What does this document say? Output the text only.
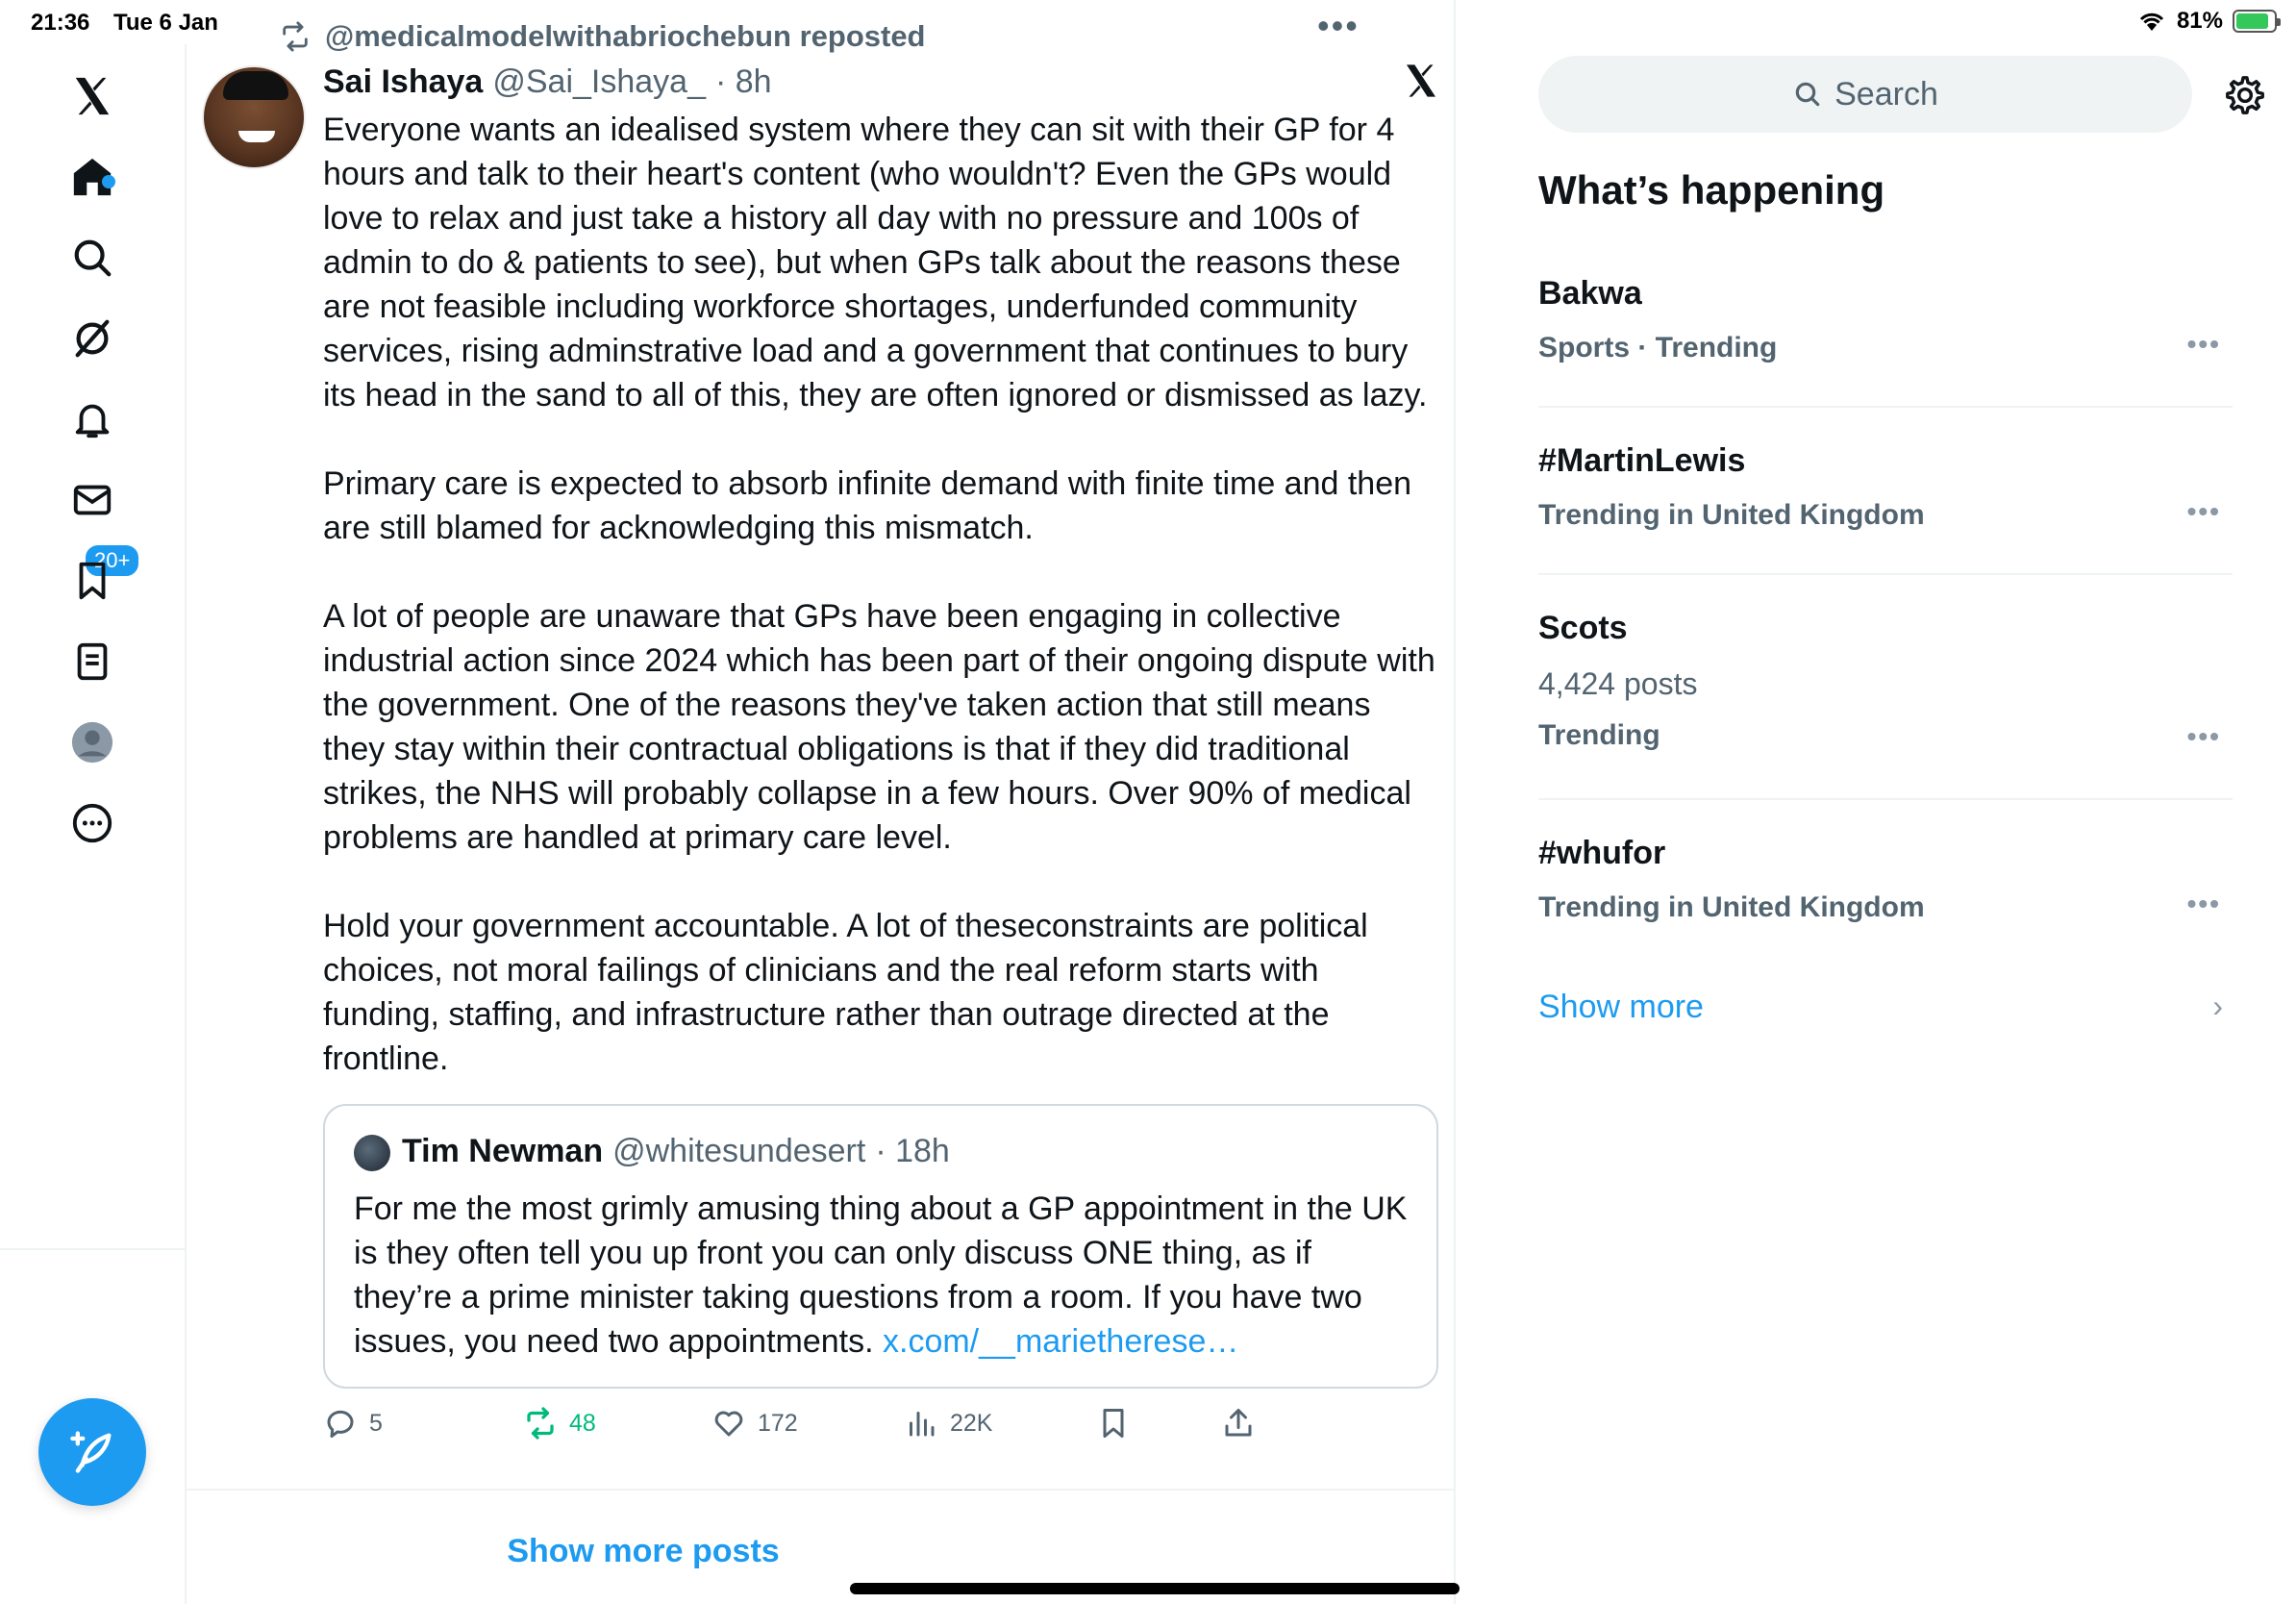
21:36 Tue 6 Jan	81%
20+
•••
@medicalmodelwithabriochebun reposted
Sai Ishaya @Sai_Ishaya_ · 8h
Everyone wants an idealised system where they can sit with their GP for 4 hours and talk to their heart's content (who wouldn't? Even the GPs would love to relax and just take a history all day with no pressure and 100s of admin to do & patients to see), but when GPs talk about the reasons these are not feasible including workforce shortages, underfunded community services, rising adminstrative load and a government that continues to bury its head in the sand to all of this, they are often ignored or dismissed as lazy.

Primary care is expected to absorb infinite demand with finite time and then are still blamed for acknowledging this mismatch.

A lot of people are unaware that GPs have been engaging in collective industrial action since 2024 which has been part of their ongoing dispute with the government. One of the reasons they've taken action that still means they stay within their contractual obligations is that if they did traditional strikes, the NHS will probably collapse in a few hours. Over 90% of medical problems are handled at primary care level.

Hold your government accountable. A lot of theseconstraints are political choices, not moral failings of clinicians and the real reform starts with funding, staffing, and infrastructure rather than outrage directed at the frontline.
Tim Newman @whitesundesert · 18h
For me the most grimly amusing thing about a GP appointment in the UK is they often tell you up front you can only discuss ONE thing, as if they’re a prime minister taking questions from a room. If you have two issues, you need two appointments. x.com/__marietherese…
5	48	172	22K
Show more posts
Search
What’s happening
Bakwa
Sports · Trending	•••
#MartinLewis
Trending in United Kingdom	•••
Scots
4,424 posts
Trending	•••
#whufor
Trending in United Kingdom	•••
Show more	›
